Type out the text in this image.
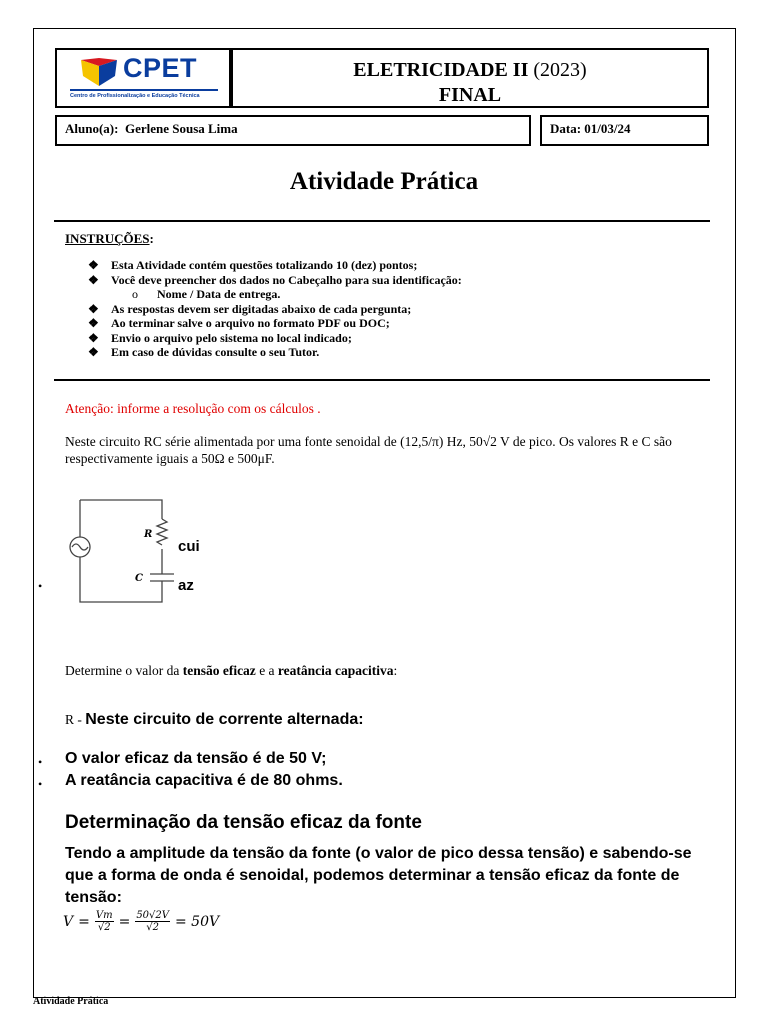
CPET
Centro de Profissionalização e Educação Técnica
ELETRICIDADE II (2023)
FINAL
Aluno(a): Gerlene Sousa Lima	Data: 01/03/24
Atividade Prática
INSTRUÇÕES:
❖ Esta Atividade contém questões totalizando 10 (dez) pontos;
❖ Você deve preencher dos dados no Cabeçalho para sua identificação:
o Nome / Data de entrega.
❖ As respostas devem ser digitadas abaixo de cada pergunta;
❖ Ao terminar salve o arquivo no formato PDF ou DOC;
❖ Envio o arquivo pelo sistema no local indicado;
❖ Em caso de dúvidas consulte o seu Tutor.
Atenção: informe a resolução com os cálculos .
Neste circuito RC série alimentada por uma fonte senoidal de (12,5/π) Hz, 50√2 V de pico. Os valores R e C são respectivamente iguais a 50Ω e 500μF.
R
C
cui
az
•
Determine o valor da tensão eficaz e a reatância capacitiva:
R - Neste circuito de corrente alternada:
• O valor eficaz da tensão é de 50 V;
• A reatância capacitiva é de 80 ohms.
Determinação da tensão eficaz da fonte
Tendo a amplitude da tensão da fonte (o valor de pico dessa tensão) e sabendo-se que a forma de onda é senoidal, podemos determinar a tensão eficaz da fonte de tensão:
$V = \frac{Vm}{√2} = \frac{50√2V}{√2} = 50V$
Atividade Prática
